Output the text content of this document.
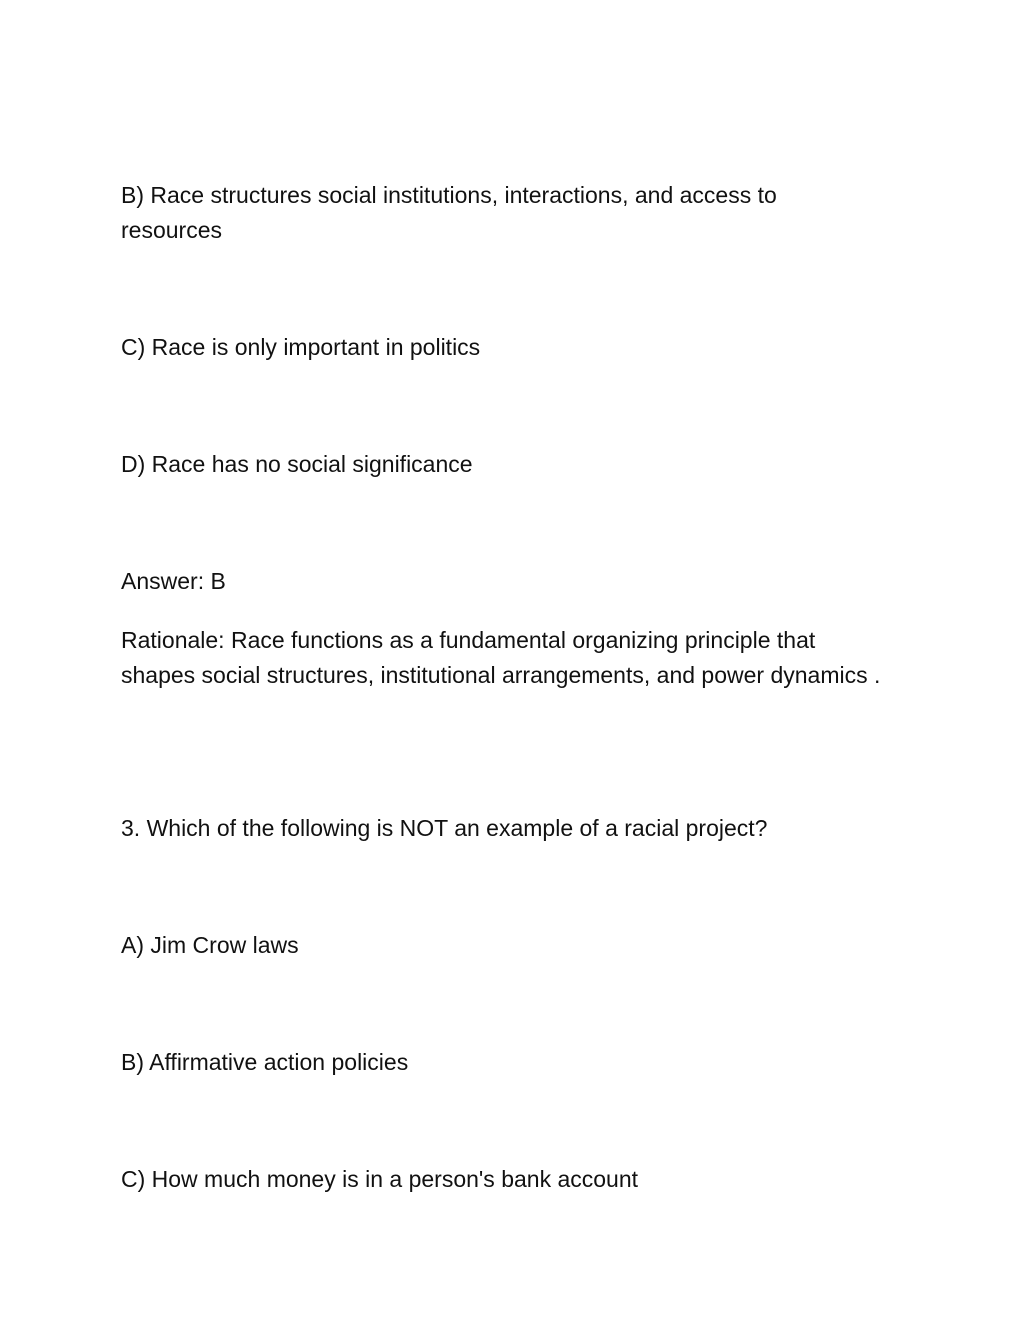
B) Race structures social institutions, interactions, and access to resources

C) Race is only important in politics

D) Race has no social significance

Answer: B

Rationale: Race functions as a fundamental organizing principle that shapes social structures, institutional arrangements, and power dynamics .

3. Which of the following is NOT an example of a racial project?

A) Jim Crow laws

B) Affirmative action policies

C) How much money is in a person's bank account
